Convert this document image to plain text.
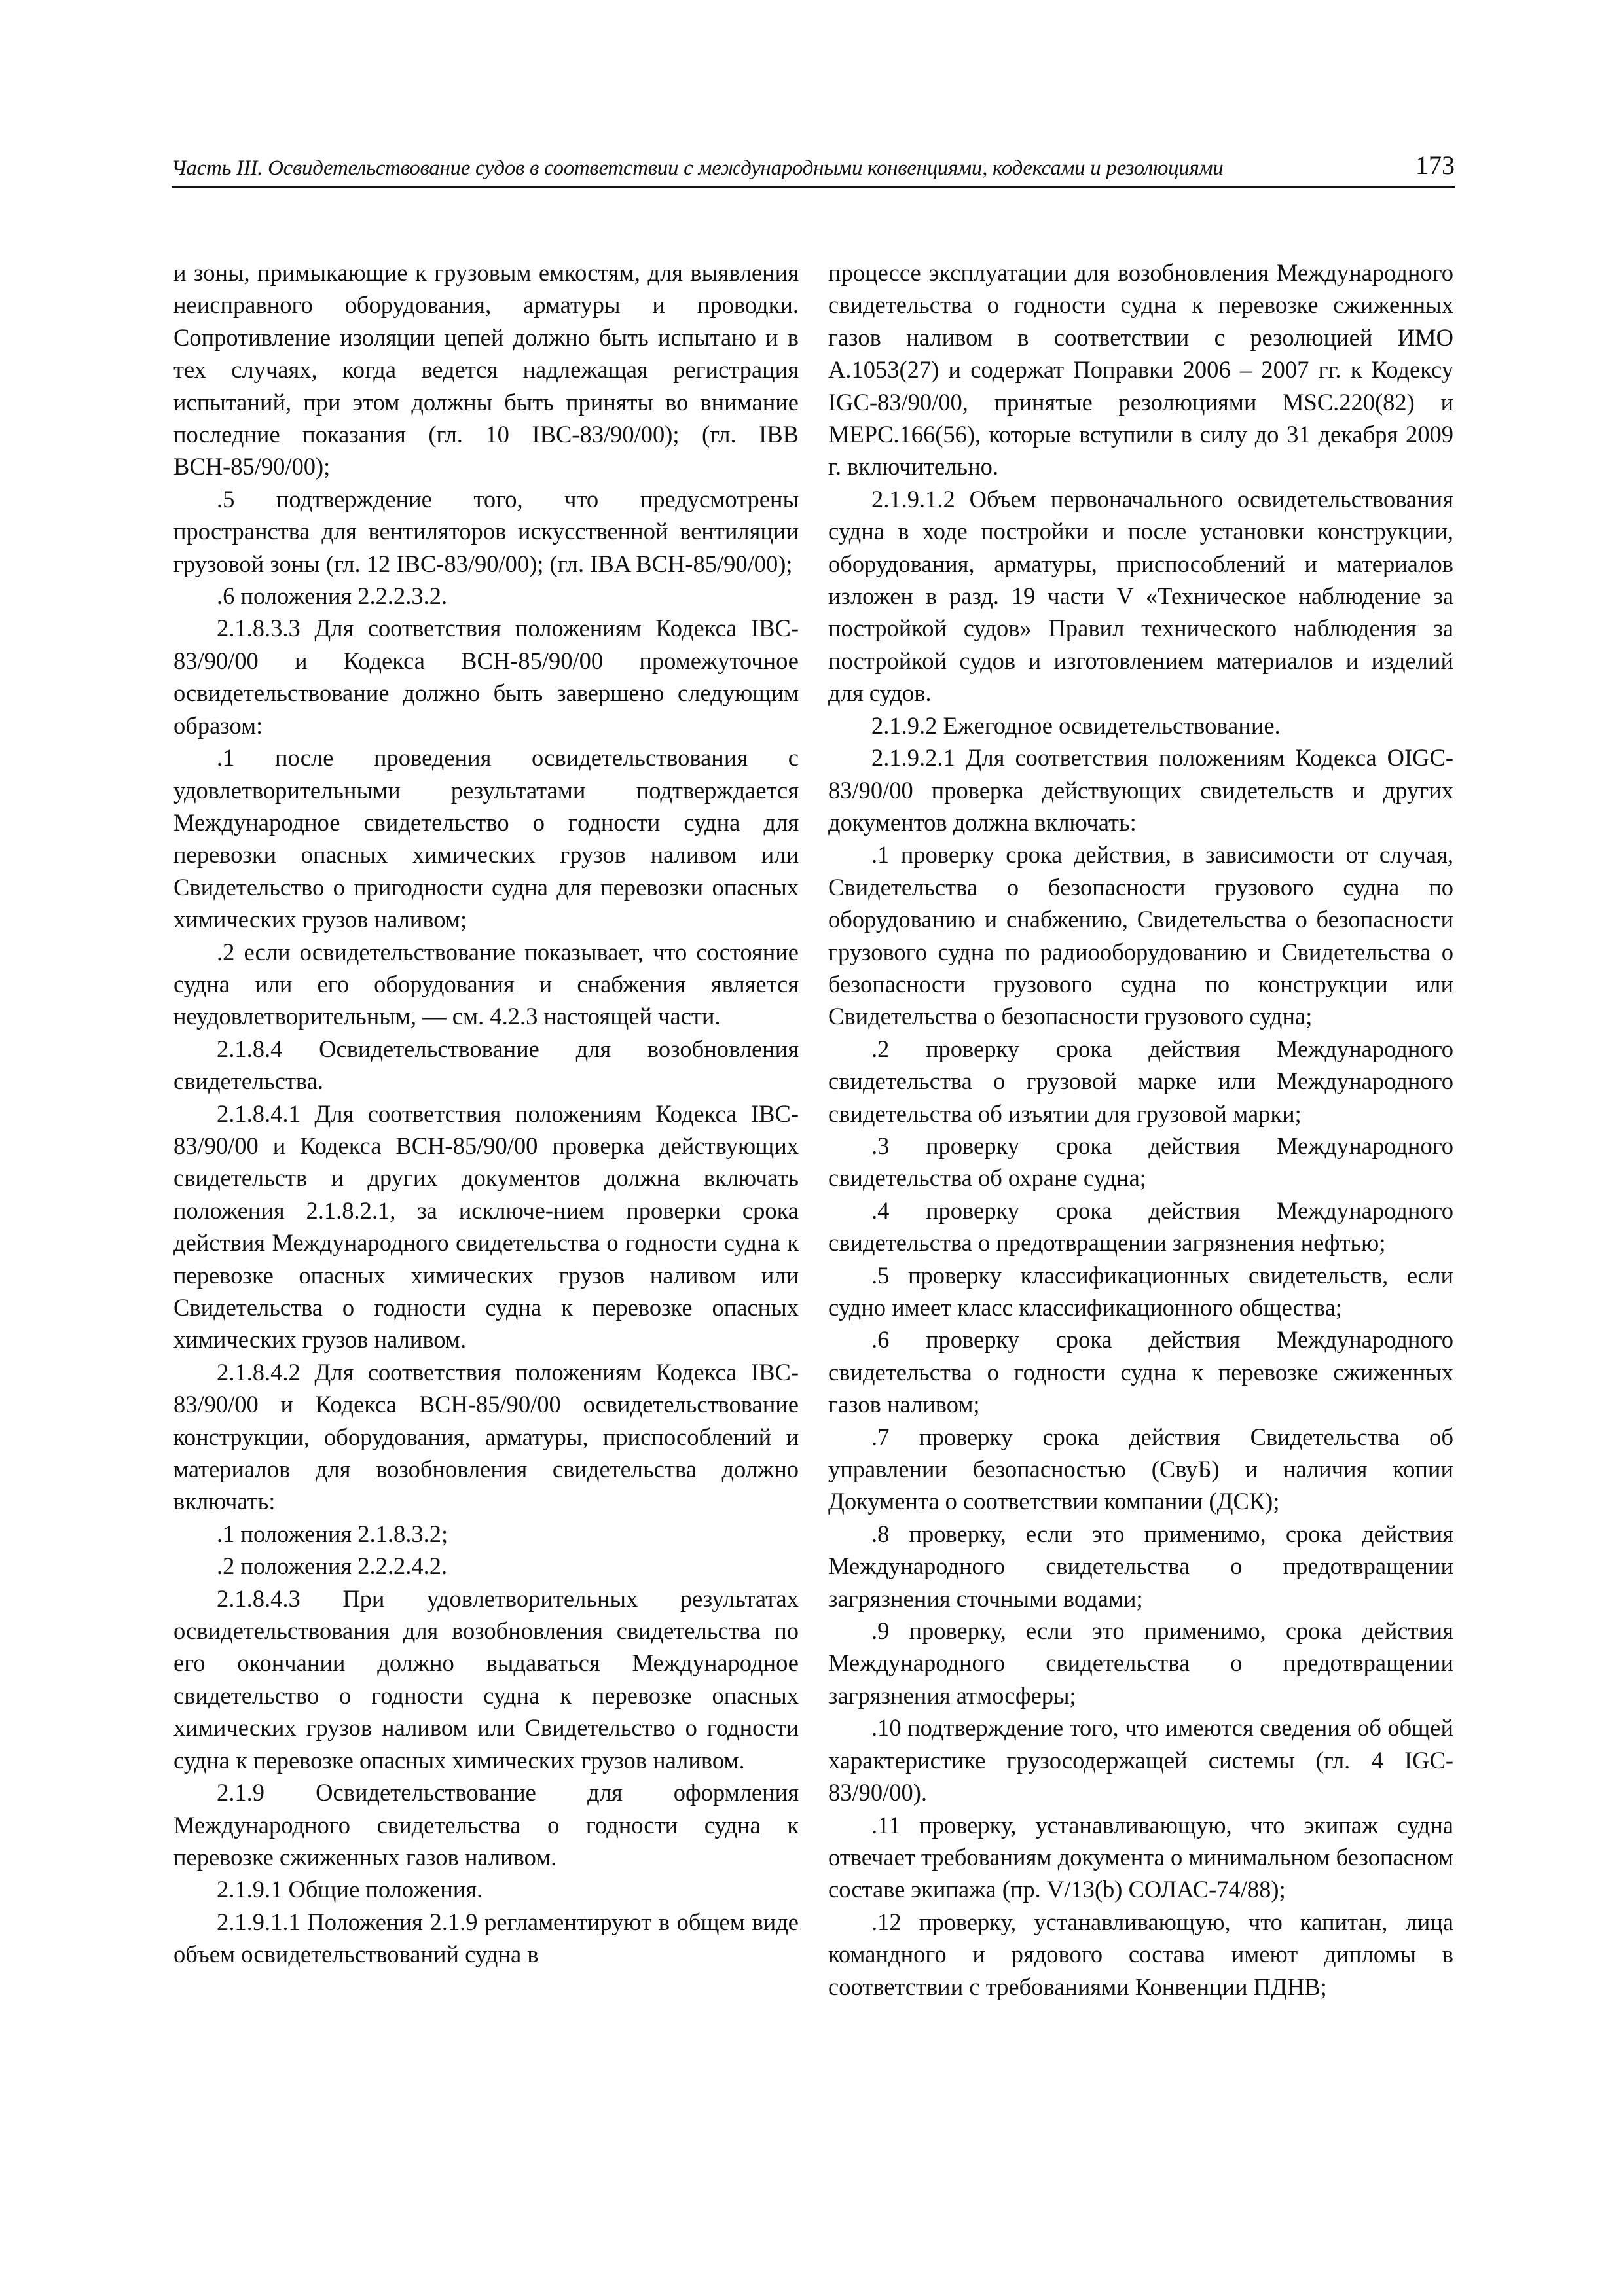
Часть III. Освидетельствование судов в соответствии с международными конвенциями, кодексами и резолюциями	173

и зоны, примыкающие к грузовым емкостям, для выявления неисправного оборудования, арматуры и проводки. Сопротивление изоляции цепей должно быть испытано и в тех случаях, когда ведется надлежащая регистрация испытаний, при этом должны быть приняты во внимание последние показания (гл. 10 IBC-83/90/00); (гл. IBB ВСН-85/90/00);

.5 подтверждение того, что предусмотрены пространства для вентиляторов искусственной вентиляции грузовой зоны (гл. 12 IBC-83/90/00); (гл. IBA ВСН-85/90/00);

.6 положения 2.2.2.3.2.

2.1.8.3.3 Для соответствия положениям Кодекса IBC-83/90/00 и Кодекса ВСН-85/90/00 промежуточное освидетельствование должно быть завершено следующим образом:

.1 после проведения освидетельствования с удовлетворительными результатами подтверждается Международное свидетельство о годности судна для перевозки опасных химических грузов наливом или Свидетельство о пригодности судна для перевозки опасных химических грузов наливом;

.2 если освидетельствование показывает, что состояние судна или его оборудования и снабжения является неудовлетворительным, — см. 4.2.3 настоящей части.

2.1.8.4 Освидетельствование для возобновления свидетельства.

2.1.8.4.1 Для соответствия положениям Кодекса IBC-83/90/00 и Кодекса ВСН-85/90/00 проверка действующих свидетельств и других документов должна включать положения 2.1.8.2.1, за исключе-нием проверки срока действия Международного свидетельства о годности судна к перевозке опасных химических грузов наливом или Свидетельства о годности судна к перевозке опасных химических грузов наливом.

2.1.8.4.2 Для соответствия положениям Кодекса IBC-83/90/00 и Кодекса ВСН-85/90/00 освидетельствование конструкции, оборудования, арматуры, приспособлений и материалов для возобновления свидетельства должно включать:

.1 положения 2.1.8.3.2;

.2 положения 2.2.2.4.2.

2.1.8.4.3 При удовлетворительных результатах освидетельствования для возобновления свидетельства по его окончании должно выдаваться Международное свидетельство о годности судна к перевозке опасных химических грузов наливом или Свидетельство о годности судна к перевозке опасных химических грузов наливом.

2.1.9 Освидетельствование для оформления Международного свидетельства о годности судна к перевозке сжиженных газов наливом.

2.1.9.1 Общие положения.

2.1.9.1.1 Положения 2.1.9 регламентируют в общем виде объем освидетельствований судна в

процессе эксплуатации для возобновления Международного свидетельства о годности судна к перевозке сжиженных газов наливом в соответствии с резолюцией ИМО А.1053(27) и содержат Поправки 2006 – 2007 гг. к Кодексу IGC-83/90/00, принятые резолюциями MSC.220(82) и MEPC.166(56), которые вступили в силу до 31 декабря 2009 г. включительно.

2.1.9.1.2 Объем первоначального освидетельствования судна в ходе постройки и после установки конструкции, оборудования, арматуры, приспособлений и материалов изложен в разд. 19 части V «Техническое наблюдение за постройкой судов» Правил технического наблюдения за постройкой судов и изготовлением материалов и изделий для судов.

2.1.9.2 Ежегодное освидетельствование.

2.1.9.2.1 Для соответствия положениям Кодекса OIGC-83/90/00 проверка действующих свидетельств и других документов должна включать:

.1 проверку срока действия, в зависимости от случая, Свидетельства о безопасности грузового судна по оборудованию и снабжению, Свидетельства о безопасности грузового судна по радиооборудованию и Свидетельства о безопасности грузового судна по конструкции или Свидетельства о безопасности грузового судна;

.2 проверку срока действия Международного свидетельства о грузовой марке или Международного свидетельства об изъятии для грузовой марки;

.3 проверку срока действия Международного свидетельства об охране судна;

.4 проверку срока действия Международного свидетельства о предотвращении загрязнения нефтью;

.5 проверку классификационных свидетельств, если судно имеет класс классификационного общества;

.6 проверку срока действия Международного свидетельства о годности судна к перевозке сжиженных газов наливом;

.7 проверку срока действия Свидетельства об управлении безопасностью (СвуБ) и наличия копии Документа о соответствии компании (ДСК);

.8 проверку, если это применимо, срока действия Международного свидетельства о предотвращении загрязнения сточными водами;

.9 проверку, если это применимо, срока действия Международного свидетельства о предотвращении загрязнения атмосферы;

.10 подтверждение того, что имеются сведения об общей характеристике грузосодержащей системы (гл. 4 IGC-83/90/00).

.11 проверку, устанавливающую, что экипаж судна отвечает требованиям документа о минимальном безопасном составе экипажа (пр. V/13(b) СОЛАС-74/88);

.12 проверку, устанавливающую, что капитан, лица командного и рядового состава имеют дипломы в соответствии с требованиями Конвенции ПДНВ;
